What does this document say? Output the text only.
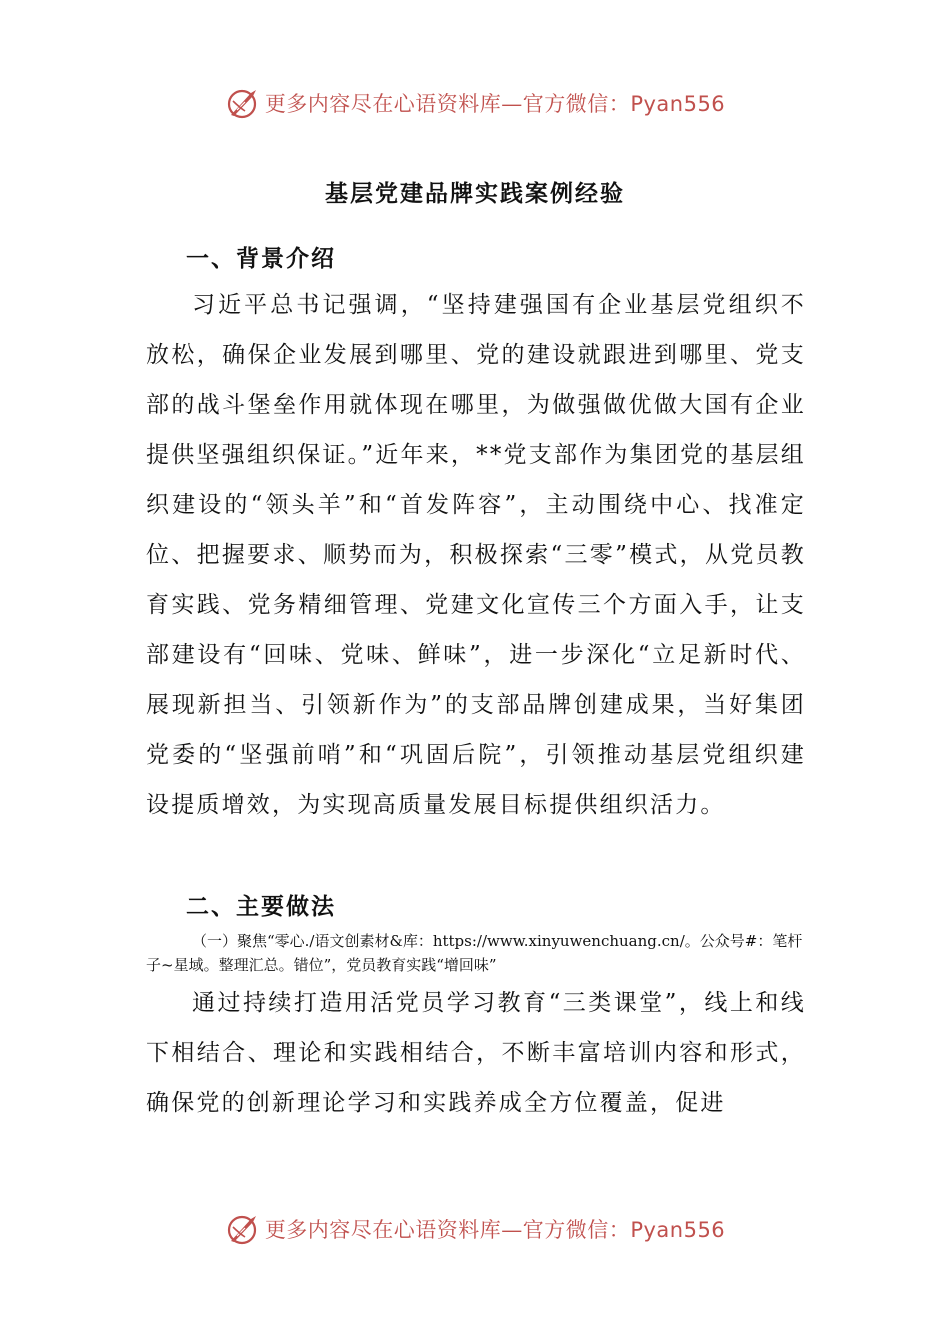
更多内容尽在心语资料库—官方微信：Pyan556
基层党建品牌实践案例经验
一、背景介绍
习近平总书记强调，“坚持建强国有企业基层党组织不放松，确保企业发展到哪里、党的建设就跟进到哪里、党支部的战斗堡垒作用就体现在哪里，为做强做优做大国有企业提供坚强组织保证。”近年来，**党支部作为集团党的基层组织建设的“领头羊”和“首发阵容”，主动围绕中心、找准定位、把握要求、顺势而为，积极探索“三零”模式，从党员教育实践、党务精细管理、党建文化宣传三个方面入手，让支部建设有“回味、党味、鲜味”，进一步深化“立足新时代、展现新担当、引领新作为”的支部品牌创建成果，当好集团党委的“坚强前哨”和“巩固后院”，引领推动基层党组织建设提质增效，为实现高质量发展目标提供组织活力。
二、主要做法
（一）聚焦“零心./语文创素材&库：https://www.xinyuwenchuang.cn/。公众号#：笔杆子~星域。整理汇总。错位”，党员教育实践“增回味”
通过持续打造用活党员学习教育“三类课堂”，线上和线下相结合、理论和实践相结合，不断丰富培训内容和形式，确保党的创新理论学习和实践养成全方位覆盖，促进
更多内容尽在心语资料库—官方微信：Pyan556
